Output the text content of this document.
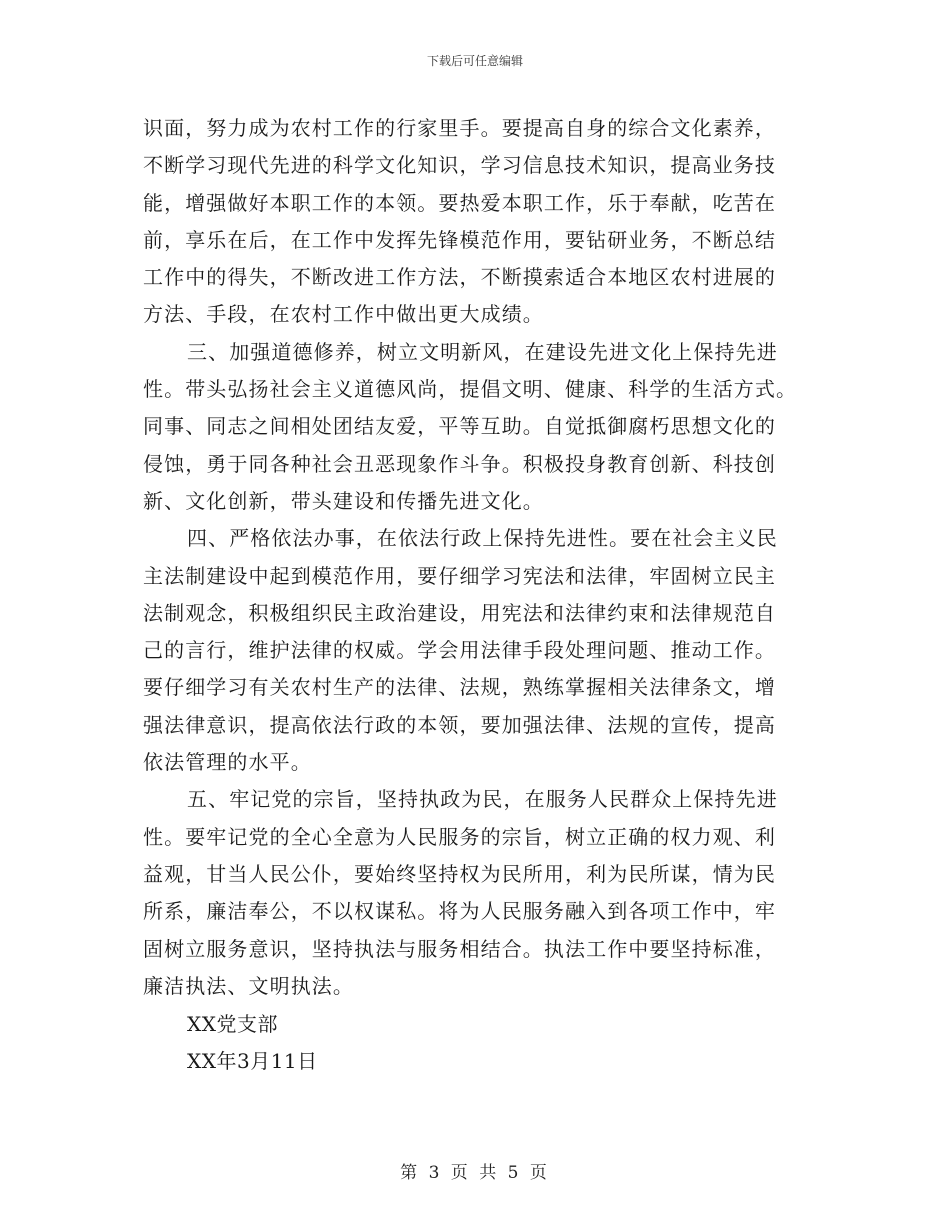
下载后可任意编辑
识面，努力成为农村工作的行家里手。要提高自身的综合文化素养，
不断学习现代先进的科学文化知识，学习信息技术知识，提高业务技
能，增强做好本职工作的本领。要热爱本职工作，乐于奉献，吃苦在
前，享乐在后，在工作中发挥先锋模范作用，要钻研业务，不断总结
工作中的得失，不断改进工作方法，不断摸索适合本地区农村进展的
方法、手段，在农村工作中做出更大成绩。
三、加强道德修养，树立文明新风，在建设先进文化上保持先进
性。带头弘扬社会主义道德风尚，提倡文明、健康、科学的生活方式。
同事、同志之间相处团结友爱，平等互助。自觉抵御腐朽思想文化的
侵蚀，勇于同各种社会丑恶现象作斗争。积极投身教育创新、科技创
新、文化创新，带头建设和传播先进文化。
四、严格依法办事，在依法行政上保持先进性。要在社会主义民
主法制建设中起到模范作用，要仔细学习宪法和法律，牢固树立民主
法制观念，积极组织民主政治建设，用宪法和法律约束和法律规范自
己的言行，维护法律的权威。学会用法律手段处理问题、推动工作。
要仔细学习有关农村生产的法律、法规，熟练掌握相关法律条文，增
强法律意识，提高依法行政的本领，要加强法律、法规的宣传，提高
依法管理的水平。
五、牢记党的宗旨，坚持执政为民，在服务人民群众上保持先进
性。要牢记党的全心全意为人民服务的宗旨，树立正确的权力观、利
益观，甘当人民公仆，要始终坚持权为民所用，利为民所谋，情为民
所系，廉洁奉公，不以权谋私。将为人民服务融入到各项工作中，牢
固树立服务意识，坚持执法与服务相结合。执法工作中要坚持标准，
廉洁执法、文明执法。
XX党支部
XX年3月11日
第 3 页 共 5 页
